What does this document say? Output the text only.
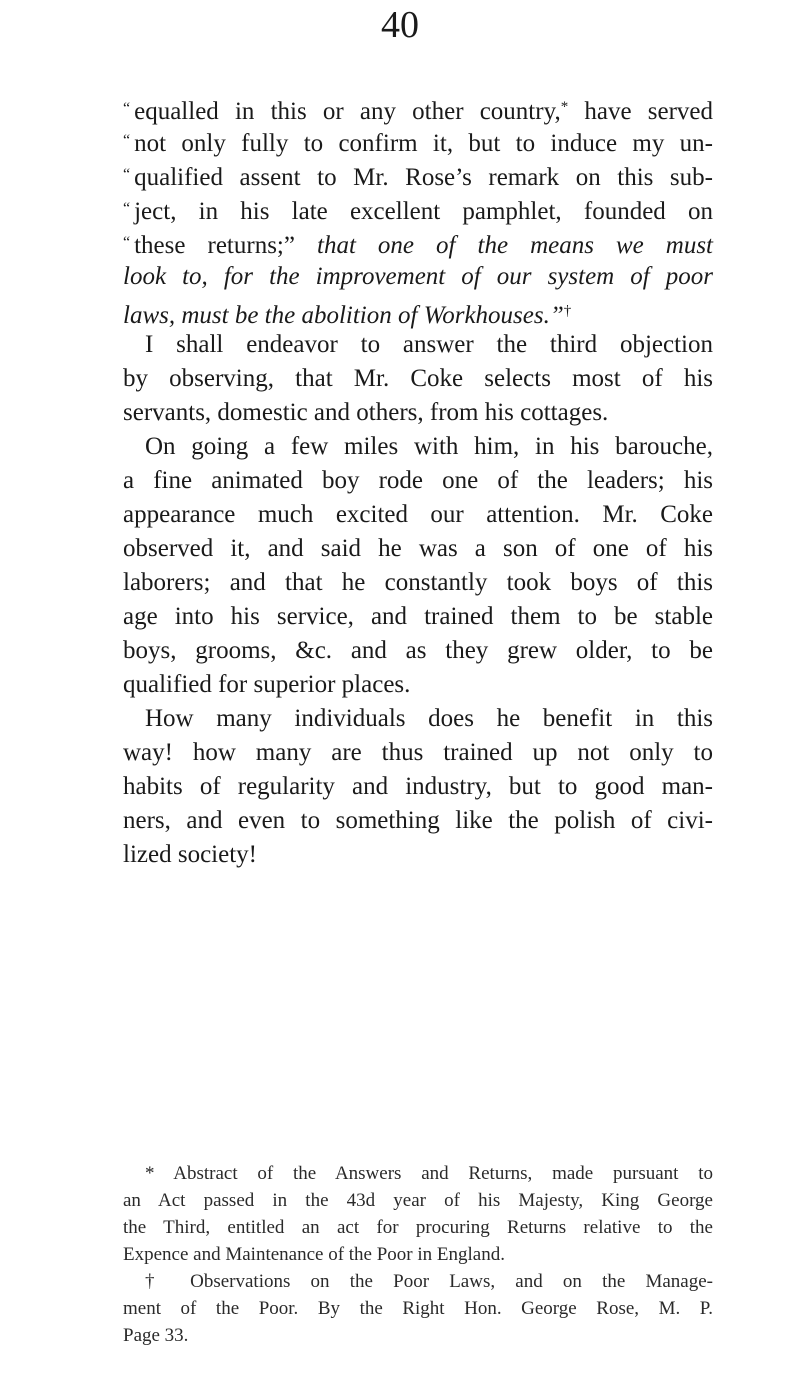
40
“ equalled in this or any other country,* have served
“ not only fully to confirm it, but to induce my un-
“ qualified assent to Mr. Rose’s remark on this sub-
“ ject, in his late excellent pamphlet, founded on
“ these returns;” that one of the means we must
look to, for the improvement of our system of poor
laws, must be the abolition of Workhouses.”†
I shall endeavor to answer the third objection
by observing, that Mr. Coke selects most of his
servants, domestic and others, from his cottages.
On going a few miles with him, in his barouche,
a fine animated boy rode one of the leaders; his
appearance much excited our attention. Mr. Coke
observed it, and said he was a son of one of his
laborers; and that he constantly took boys of this
age into his service, and trained them to be stable
boys, grooms, &c. and as they grew older, to be
qualified for superior places.
How many individuals does he benefit in this
way! how many are thus trained up not only to
habits of regularity and industry, but to good man-
ners, and even to something like the polish of civi-
lized society!
* Abstract of the Answers and Returns, made pursuant to
an Act passed in the 43d year of his Majesty, King George
the Third, entitled an act for procuring Returns relative to the
Expence and Maintenance of the Poor in England.
† Observations on the Poor Laws, and on the Manage-
ment of the Poor. By the Right Hon. George Rose, M. P.
Page 33.
